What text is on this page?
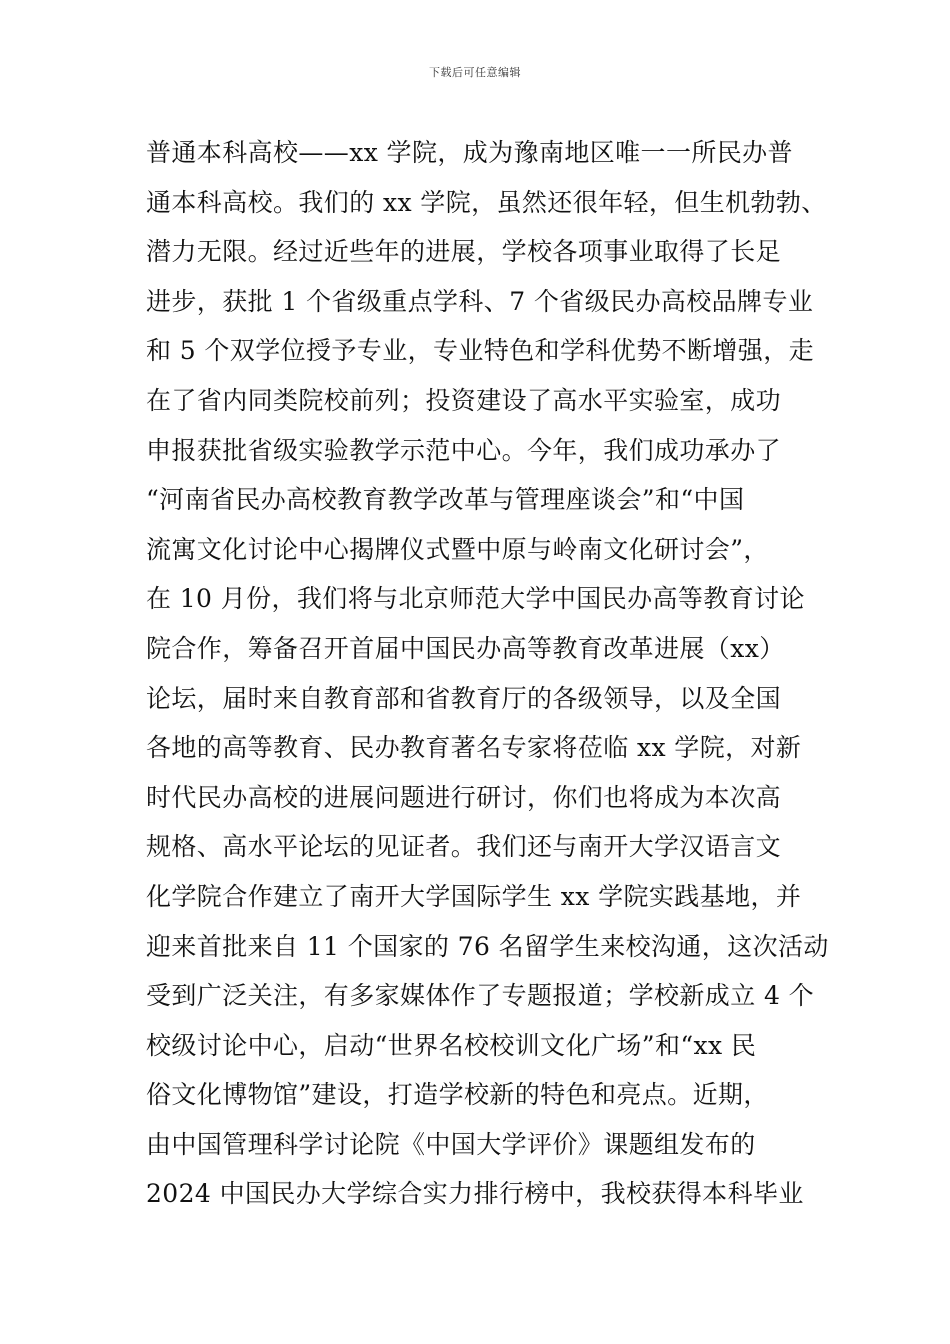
下载后可任意编辑
普通本科高校——xx 学院，成为豫南地区唯一一所民办普
通本科高校。我们的 xx 学院，虽然还很年轻，但生机勃勃、
潜力无限。经过近些年的进展，学校各项事业取得了长足
进步，获批 1 个省级重点学科、7 个省级民办高校品牌专业
和 5 个双学位授予专业，专业特色和学科优势不断增强，走
在了省内同类院校前列；投资建设了高水平实验室，成功
申报获批省级实验教学示范中心。今年，我们成功承办了
“河南省民办高校教育教学改革与管理座谈会”和“中国
流寓文化讨论中心揭牌仪式暨中原与岭南文化研讨会”，
在 10 月份，我们将与北京师范大学中国民办高等教育讨论
院合作，筹备召开首届中国民办高等教育改革进展（xx）
论坛，届时来自教育部和省教育厅的各级领导，以及全国
各地的高等教育、民办教育著名专家将莅临 xx 学院，对新
时代民办高校的进展问题进行研讨，你们也将成为本次高
规格、高水平论坛的见证者。我们还与南开大学汉语言文
化学院合作建立了南开大学国际学生 xx 学院实践基地，并
迎来首批来自 11 个国家的 76 名留学生来校沟通，这次活动
受到广泛关注，有多家媒体作了专题报道；学校新成立 4 个
校级讨论中心，启动“世界名校校训文化广场”和“xx 民
俗文化博物馆”建设，打造学校新的特色和亮点。近期，
由中国管理科学讨论院《中国大学评价》课题组发布的
2024 中国民办大学综合实力排行榜中，我校获得本科毕业
